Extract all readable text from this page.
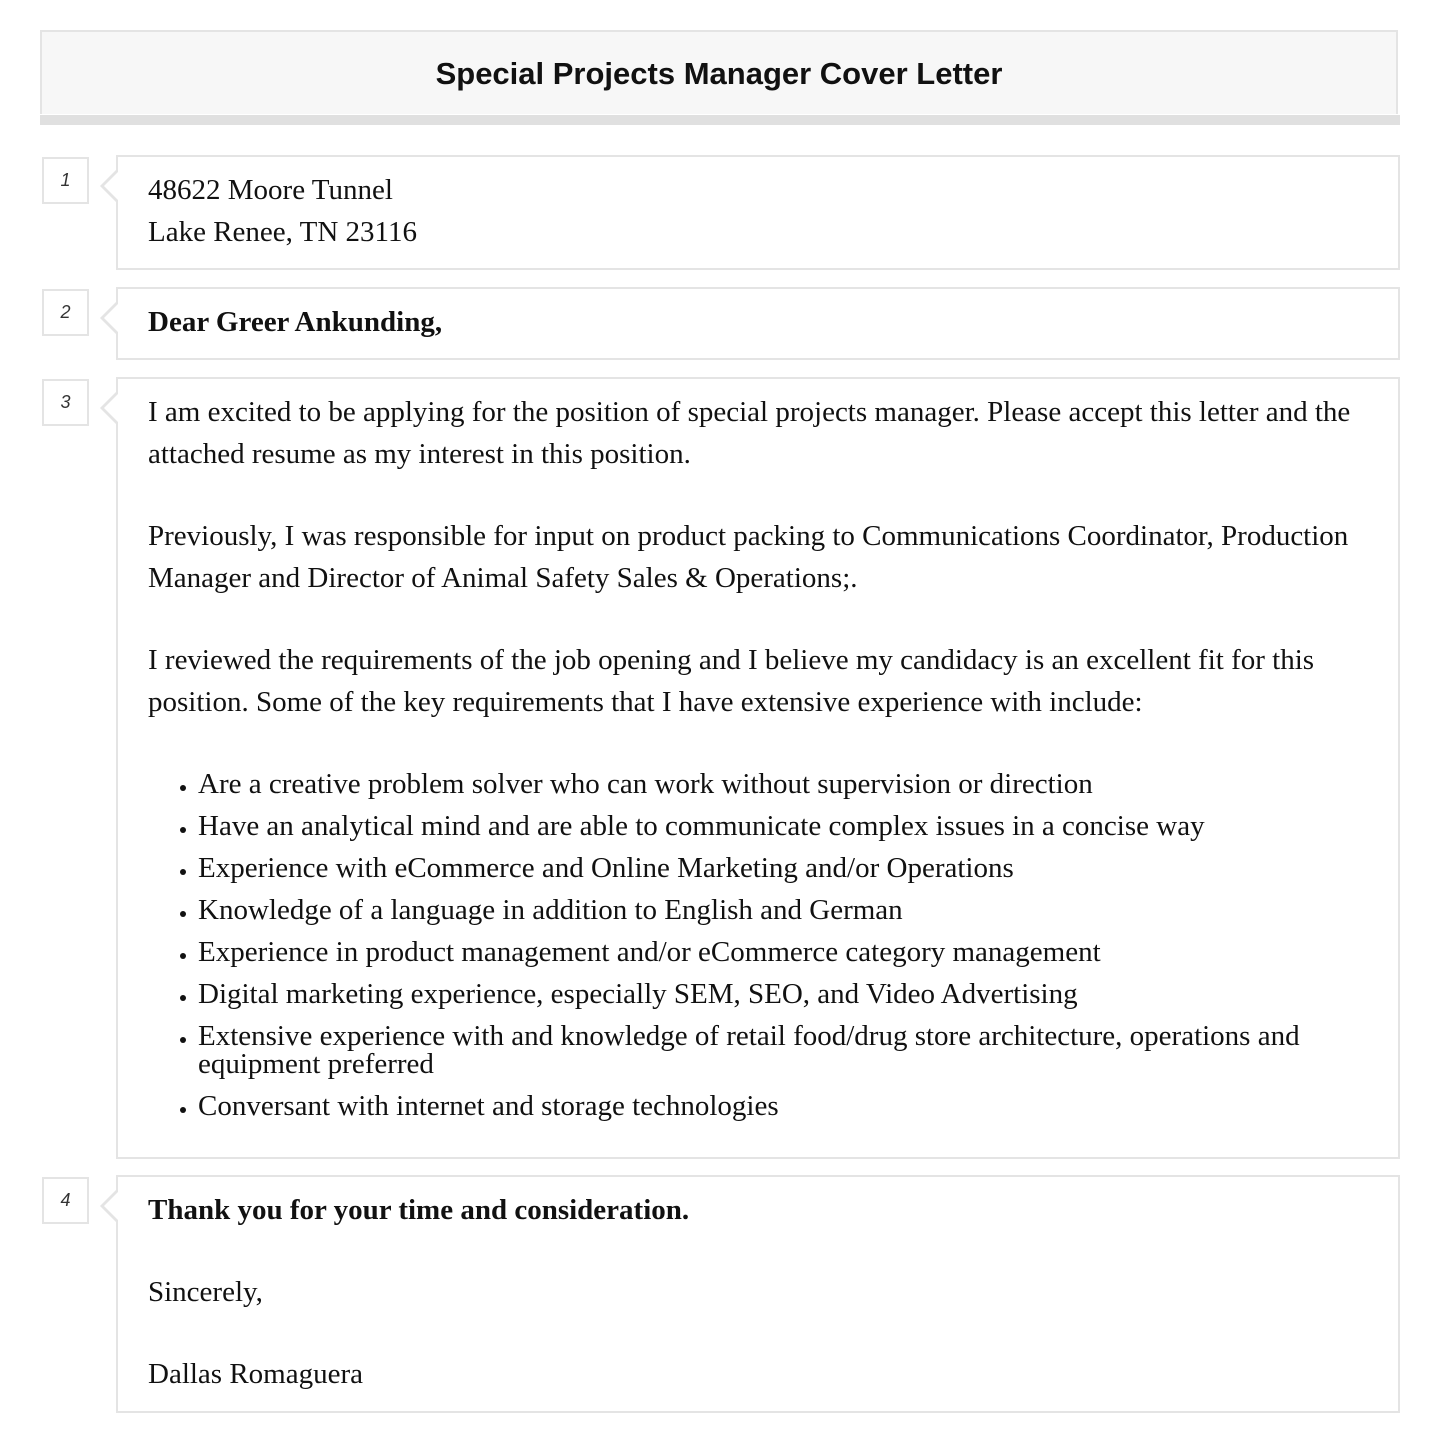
Special Projects Manager Cover Letter
1	48622 Moore Tunnel
Lake Renee, TN 23116
2	Dear Greer Ankunding,
3	I am excited to be applying for the position of special projects manager. Please accept this letter and the attached resume as my interest in this position.

Previously, I was responsible for input on product packing to Communications Coordinator, Production Manager and Director of Animal Safety Sales & Operations;.

I reviewed the requirements of the job opening and I believe my candidacy is an excellent fit for this position. Some of the key requirements that I have extensive experience with include:

• Are a creative problem solver who can work without supervision or direction
• Have an analytical mind and are able to communicate complex issues in a concise way
• Experience with eCommerce and Online Marketing and/or Operations
• Knowledge of a language in addition to English and German
• Experience in product management and/or eCommerce category management
• Digital marketing experience, especially SEM, SEO, and Video Advertising
• Extensive experience with and knowledge of retail food/drug store architecture, operations and equipment preferred
• Conversant with internet and storage technologies
4	Thank you for your time and consideration.
Sincerely,
Dallas Romaguera
